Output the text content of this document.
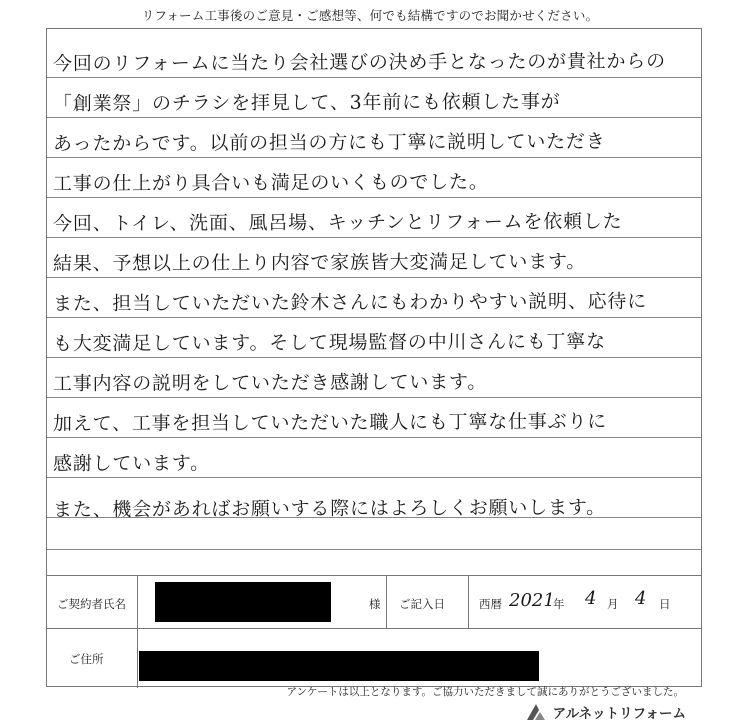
リフォーム工事後のご意見・ご感想等、何でも結構ですのでお聞かせください。
今回のリフォームに当たり会社選びの決め手となったのが貴社からの
「創業祭」のチラシを拝見して、3年前にも依頼した事が
あったからです。以前の担当の方にも丁寧に説明していただき
工事の仕上がり具合いも満足のいくものでした。
今回、トイレ、洗面、風呂場、キッチンとリフォームを依頼した
結果、予想以上の仕上り内容で家族皆大変満足しています。
また、担当していただいた鈴木さんにもわかりやすい説明、応待に
も大変満足しています。そして現場監督の中川さんにも丁寧な
工事内容の説明をしていただき感謝しています。
加えて、工事を担当していただいた職人にも丁寧な仕事ぶりに
感謝しています。
また、機会があればお願いする際にはよろしくお願いします。
ご契約者氏名	様 ご記入日	西暦 2021
年 4 月 4 日
ご住所
アンケートは以上となります。ご協力いただきまして誠にありがとうございました。
アルネットリフォーム
